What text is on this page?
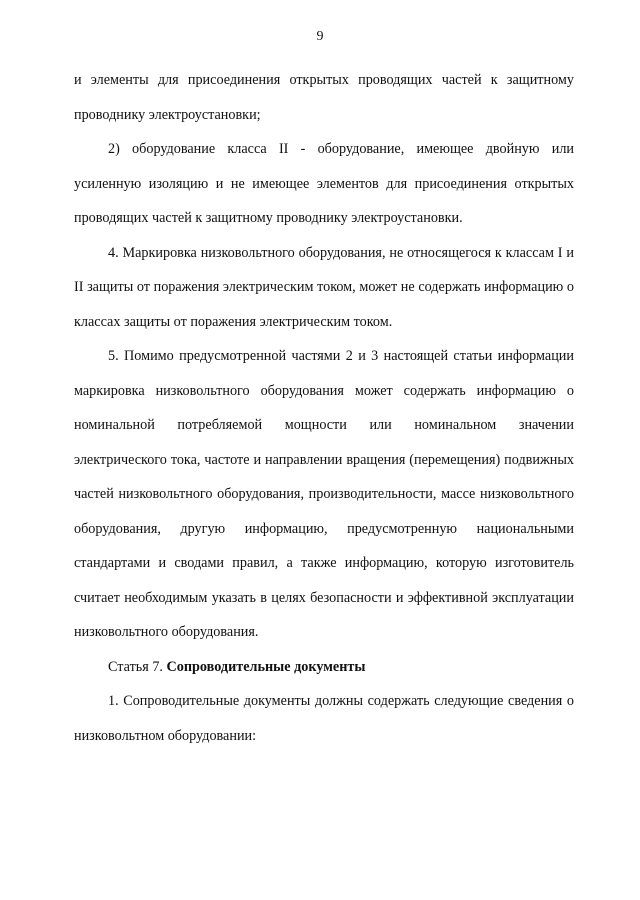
9

и элементы для присоединения открытых проводящих частей к защитному проводнику электроустановки;

2) оборудование класса II - оборудование, имеющее двойную или усиленную изоляцию и не имеющее элементов для присоединения открытых проводящих частей к защитному проводнику электроустановки.

4. Маркировка низковольтного оборудования, не относящегося к классам I и II защиты от поражения электрическим током, может не содержать информацию о классах защиты от поражения электрическим током.

5. Помимо предусмотренной частями 2 и 3 настоящей статьи информации маркировка низковольтного оборудования может содержать информацию о номинальной потребляемой мощности или номинальном значении электрического тока, частоте и направлении вращения (перемещения) подвижных частей низковольтного оборудования, производительности, массе низковольтного оборудования, другую информацию, предусмотренную национальными стандартами и сводами правил, а также информацию, которую изготовитель считает необходимым указать в целях безопасности и эффективной эксплуатации низковольтного оборудования.

Статья 7. Сопроводительные документы

1. Сопроводительные документы должны содержать следующие сведения о низковольтном оборудовании:
